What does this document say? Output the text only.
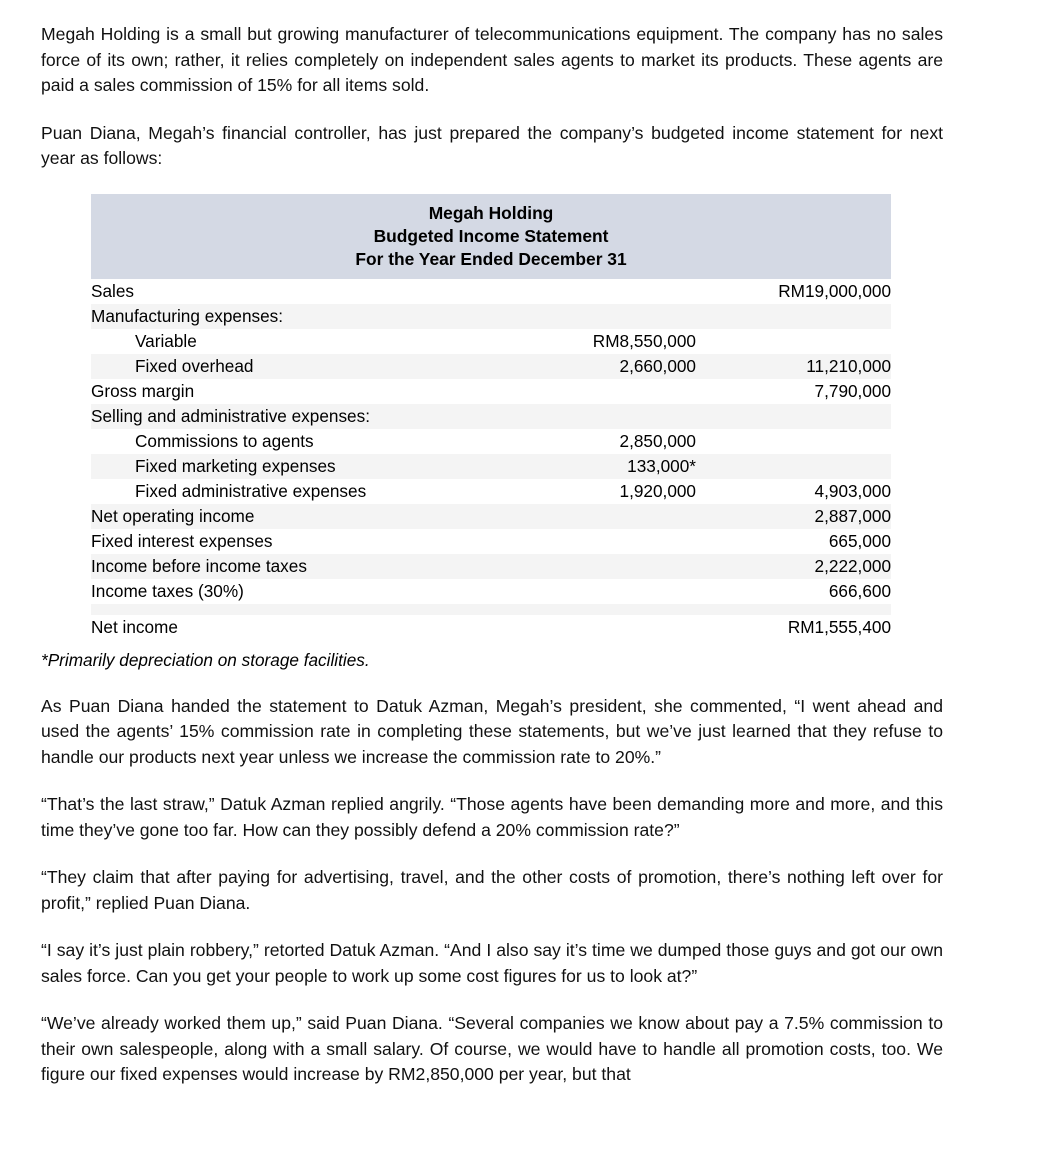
Megah Holding is a small but growing manufacturer of telecommunications equipment. The company has no sales force of its own; rather, it relies completely on independent sales agents to market its products. These agents are paid a sales commission of 15% for all items sold.

Puan Diana, Megah’s financial controller, has just prepared the company’s budgeted income statement for next year as follows:

Megah Holding
Budgeted Income Statement
For the Year Ended December 31		

Sales		RM19,000,000
Manufacturing expenses:		
Variable	RM8,550,000	
Fixed overhead	2,660,000	11,210,000
Gross margin		7,790,000
Selling and administrative expenses:		
Commissions to agents	2,850,000	
Fixed marketing expenses	133,000*	
Fixed administrative expenses	1,920,000	4,903,000
Net operating income		2,887,000
Fixed interest expenses		665,000
Income before income taxes		2,222,000
Income taxes (30%)		666,600

Net income		RM1,555,400
*Primarily depreciation on storage facilities.

As Puan Diana handed the statement to Datuk Azman, Megah’s president, she commented, “I went ahead and used the agents’ 15% commission rate in completing these statements, but we’ve just learned that they refuse to handle our products next year unless we increase the commission rate to 20%.”

“That’s the last straw,” Datuk Azman replied angrily. “Those agents have been demanding more and more, and this time they’ve gone too far. How can they possibly defend a 20% commission rate?”

“They claim that after paying for advertising, travel, and the other costs of promotion, there’s nothing left over for profit,” replied Puan Diana.

“I say it’s just plain robbery,” retorted Datuk Azman. “And I also say it’s time we dumped those guys and got our own sales force. Can you get your people to work up some cost figures for us to look at?”

“We’ve already worked them up,” said Puan Diana. “Several companies we know about pay a 7.5% commission to their own salespeople, along with a small salary. Of course, we would have to handle all promotion costs, too. We figure our fixed expenses would increase by RM2,850,000 per year, but that
